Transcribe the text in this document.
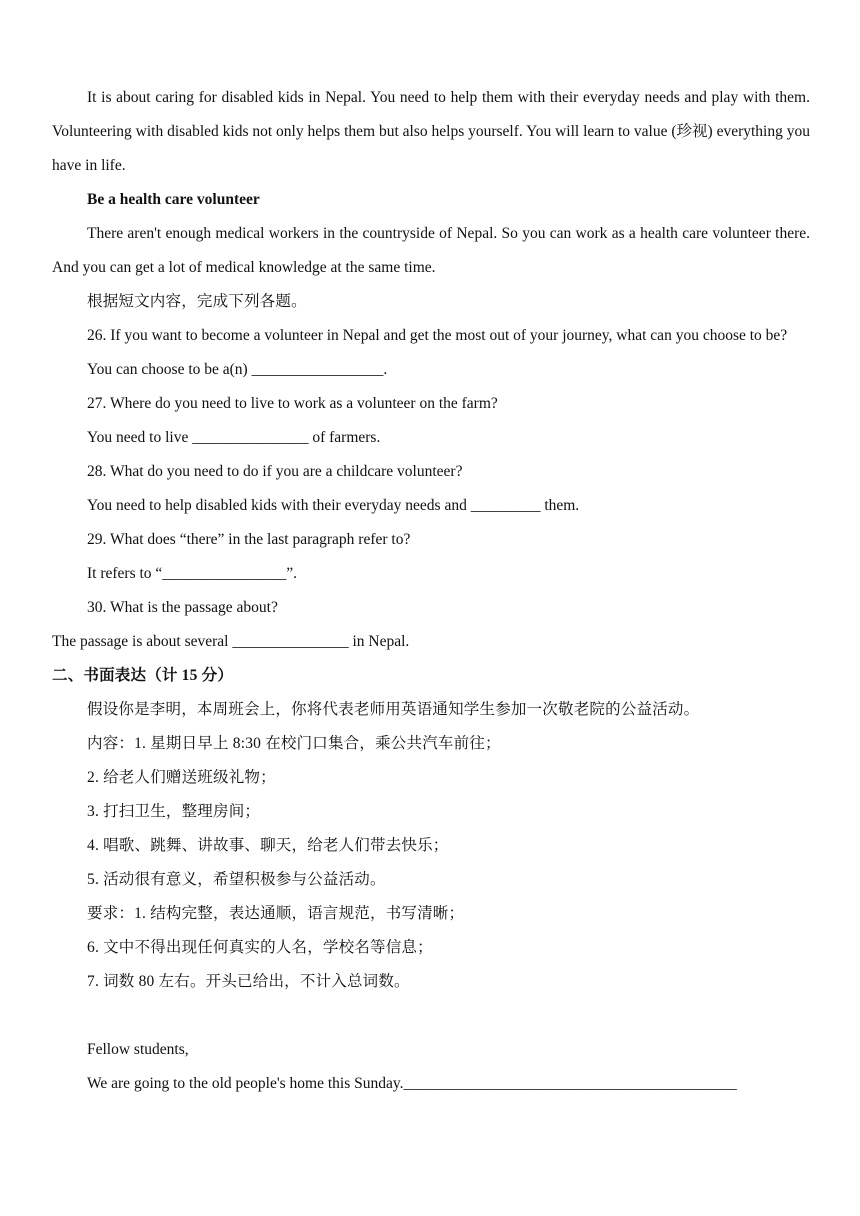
It is about caring for disabled kids in Nepal. You need to help them with their everyday needs and play with them. Volunteering with disabled kids not only helps them but also helps yourself. You will learn to value (珍视) everything you have in life.

Be a health care volunteer

There aren't enough medical workers in the countryside of Nepal. So you can work as a health care volunteer there. And you can get a lot of medical knowledge at the same time.

根据短文内容，完成下列各题。

26. If you want to become a volunteer in Nepal and get the most out of your journey, what can you choose to be?

You can choose to be a(n) _________________.

27. Where do you need to live to work as a volunteer on the farm?

You need to live _______________ of farmers.

28. What do you need to do if you are a childcare volunteer?

You need to help disabled kids with their everyday needs and _________ them.

29. What does “there” in the last paragraph refer to?

It refers to “________________”.

30. What is the passage about?

The passage is about several _______________ in Nepal.

二、书面表达（计 15 分）

假设你是李明，本周班会上，你将代表老师用英语通知学生参加一次敬老院的公益活动。

内容：1. 星期日早上 8:30 在校门口集合，乘公共汽车前往；

2. 给老人们赠送班级礼物；

3. 打扫卫生，整理房间；

4. 唱歌、跳舞、讲故事、聊天，给老人们带去快乐；

5. 活动很有意义，希望积极参与公益活动。

要求：1. 结构完整，表达通顺，语言规范，书写清晰；

6. 文中不得出现任何真实的人名，学校名等信息；

7. 词数 80 左右。开头已给出，不计入总词数。

Fellow students,

We are going to the old people's home this Sunday.___________________________________________
